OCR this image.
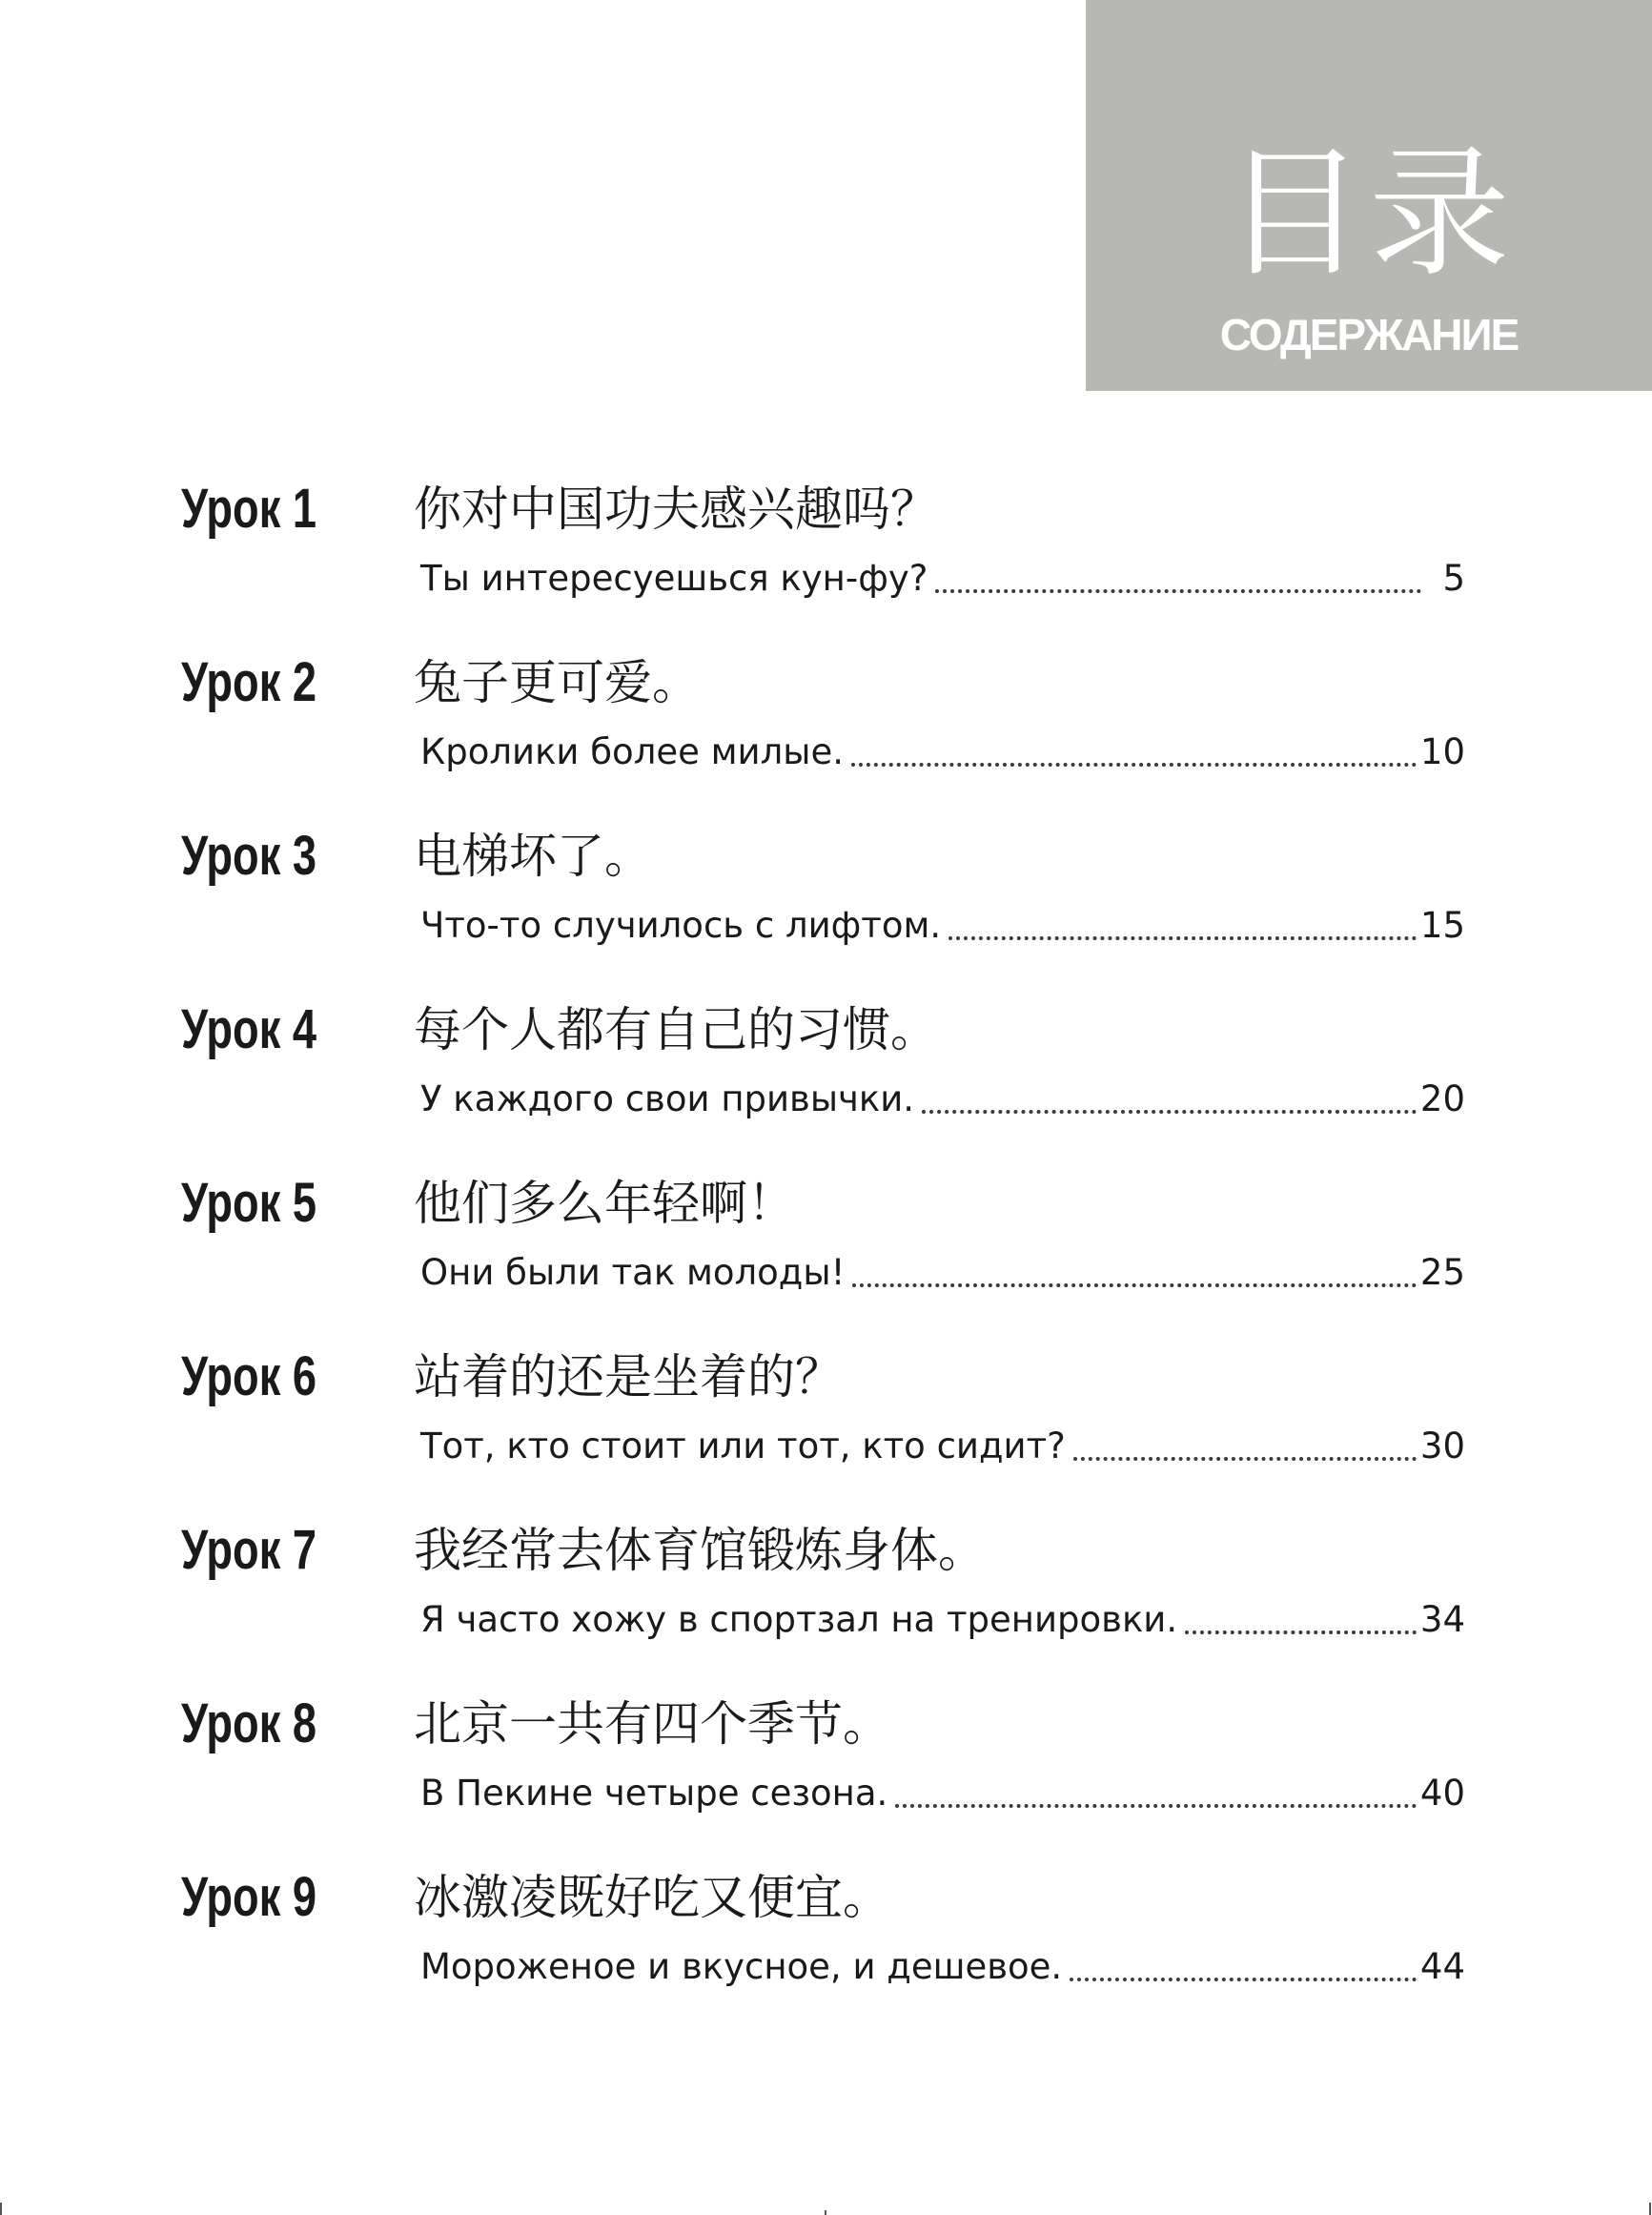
目录
СОДЕРЖАНИЕ
Урок 1 你对中国功夫感兴趣吗？
Ты интересуешься кун-фу?	5
Урок 2 兔子更可爱。
Кролики более милые.	10
Урок 3 电梯坏了。
Что-то случилось с лифтом.	15
Урок 4 每个人都有自己的习惯。
У каждого свои привычки.	20
Урок 5 他们多么年轻啊！
Они были так молоды!	25
Урок 6 站着的还是坐着的？
Тот, кто стоит или тот, кто сидит?	30
Урок 7 我经常去体育馆锻炼身体。
Я часто хожу в спортзал на тренировки.	34
Урок 8 北京一共有四个季节。
В Пекине четыре сезона.	40
Урок 9 冰激凌既好吃又便宜。
Мороженое и вкусное, и дешевое.	44
